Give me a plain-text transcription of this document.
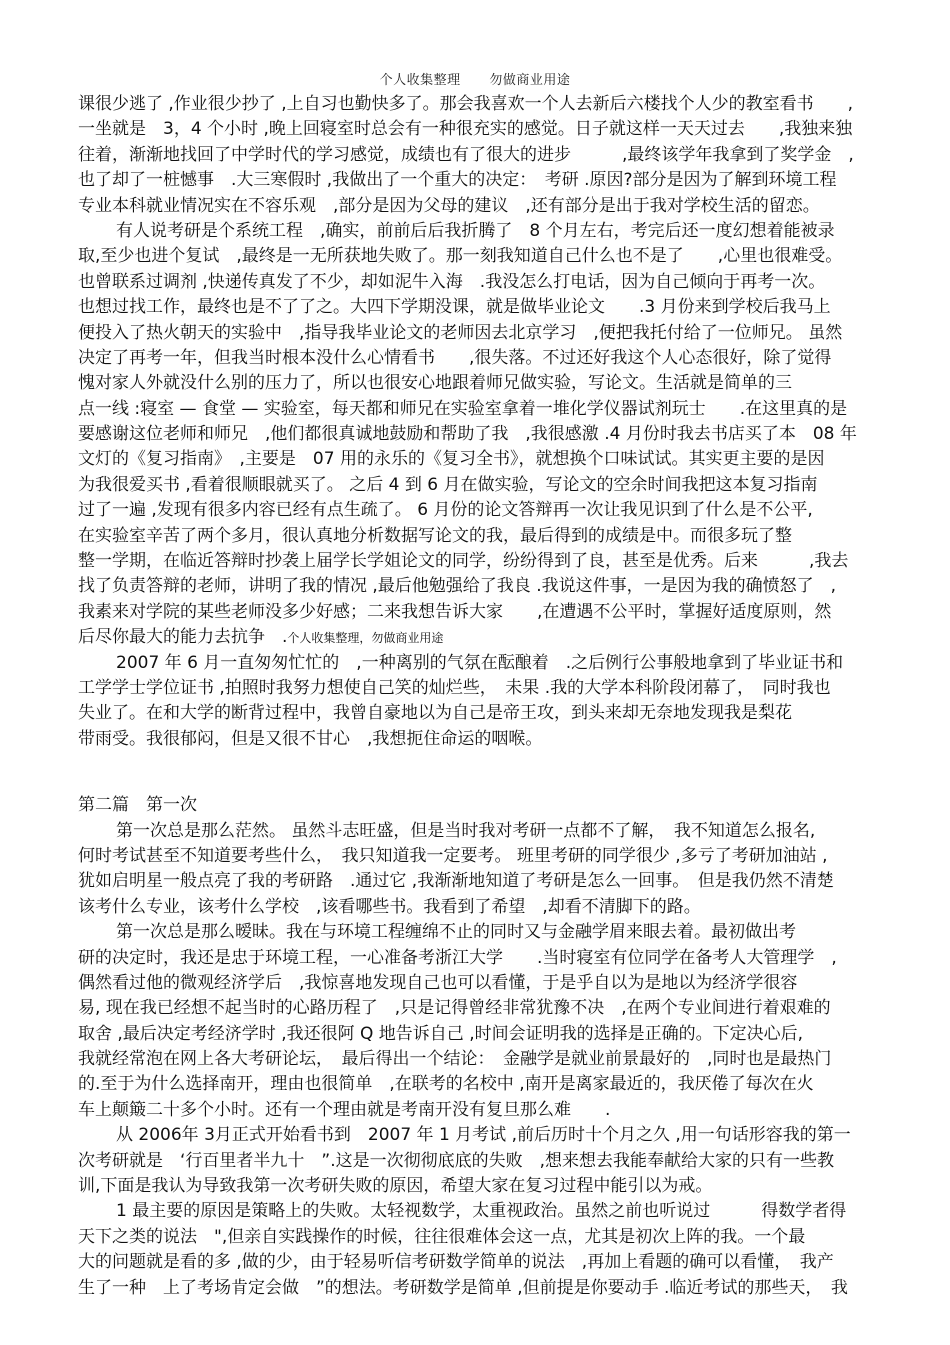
个人收集整理 勿做商业用途
课很少逃了 ,作业很少抄了 ,上自习也勤快多了。那会我喜欢一个人去新后六楼找个人少的教室看书　　,
一坐就是　3，4 个小时 ,晚上回寝室时总会有一种很充实的感觉。日子就这样一天天过去　　,我独来独
往着，渐渐地找回了中学时代的学习感觉，成绩也有了很大的进步　　　,最终该学年我拿到了奖学金　,
也了却了一桩憾事　.大三寒假时 ,我做出了一个重大的决定：　考研 .原因?部分是因为了解到环境工程
专业本科就业情况实在不容乐观　,部分是因为父母的建议　,还有部分是出于我对学校生活的留恋。
有人说考研是个系统工程　,确实，前前后后我折腾了　8 个月左右，考完后还一度幻想着能被录
取,至少也进个复试　,最终是一无所获地失败了。那一刻我知道自己什么也不是了　　,心里也很难受。
也曾联系过调剂 ,快递传真发了不少，却如泥牛入海　.我没怎么打电话，因为自己倾向于再考一次。
也想过找工作，最终也是不了了之。大四下学期没课，就是做毕业论文　　.3 月份来到学校后我马上
便投入了热火朝天的实验中　,指导我毕业论文的老师因去北京学习　,便把我托付给了一位师兄。 虽然
决定了再考一年，但我当时根本没什么心情看书　　,很失落。不过还好我这个人心态很好，除了觉得
愧对家人外就没什么别的压力了，所以也很安心地跟着师兄做实验，写论文。生活就是简单的三
点一线 :寝室 — 食堂 — 实验室，每天都和师兄在实验室拿着一堆化学仪器试剂玩士　　.在这里真的是
要感谢这位老师和师兄　,他们都很真诚地鼓励和帮助了我　,我很感激 .4 月份时我去书店买了本　08 年
文灯的《复习指南》　,主要是　07 用的永乐的《复习全书》，就想换个口味试试。其实更主要的是因
为我很爱买书 ,看着很顺眼就买了。 之后 4 到 6 月在做实验，写论文的空余时间我把这本复习指南
过了一遍 ,发现有很多内容已经有点生疏了。 6 月份的论文答辩再一次让我见识到了什么是不公平,
在实验室辛苦了两个多月，很认真地分析数据写论文的我，最后得到的成绩是中。而很多玩了整
整一学期，在临近答辩时抄袭上届学长学姐论文的同学，纷纷得到了良，甚至是优秀。后来　　　,我去
找了负责答辩的老师，讲明了我的情况 ,最后他勉强给了我良 .我说这件事，一是因为我的确愤怒了　,
我素来对学院的某些老师没多少好感；二来我想告诉大家　　,在遭遇不公平时，掌握好适度原则，然
后尽你最大的能力去抗争　.个人收集整理，勿做商业用途
2007 年 6 月一直匆匆忙忙的　,一种离别的气氛在酝酿着　.之后例行公事般地拿到了毕业证书和
工学学士学位证书 ,拍照时我努力想使自己笑的灿烂些，　未果 .我的大学本科阶段闭幕了，　同时我也
失业了。在和大学的断背过程中，我曾自豪地以为自己是帝王攻，到头来却无奈地发现我是梨花
带雨受。我很郁闷，但是又很不甘心　,我想扼住命运的咽喉。
第二篇　第一次
第一次总是那么茫然。 虽然斗志旺盛，但是当时我对考研一点都不了解，　我不知道怎么报名,
何时考试甚至不知道要考些什么，　我只知道我一定要考。 班里考研的同学很少 ,多亏了考研加油站 ,
犹如启明星一般点亮了我的考研路　.通过它 ,我渐渐地知道了考研是怎么一回事。　但是我仍然不清楚
该考什么专业，该考什么学校　,该看哪些书。我看到了希望　,却看不清脚下的路。
第一次总是那么暧昧。我在与环境工程缠绵不止的同时又与金融学眉来眼去着。最初做出考
研的决定时，我还是忠于环境工程，一心准备考浙江大学　　.当时寝室有位同学在备考人大管理学　,
偶然看过他的微观经济学后　,我惊喜地发现自己也可以看懂，于是乎自以为是地以为经济学很容
易, 现在我已经想不起当时的心路历程了　,只是记得曾经非常犹豫不决　,在两个专业间进行着艰难的
取舍 ,最后决定考经济学时 ,我还很阿 Q 地告诉自己 ,时间会证明我的选择是正确的。下定决心后,
我就经常泡在网上各大考研论坛，　最后得出一个结论：　金融学是就业前景最好的　,同时也是最热门
的.至于为什么选择南开，理由也很简单　,在联考的名校中 ,南开是离家最近的，我厌倦了每次在火
车上颠簸二十多个小时。还有一个理由就是考南开没有复旦那么难　　.
从 2006年 3月正式开始看书到　2007 年 1 月考试 ,前后历时十个月之久 ,用一句话形容我的第一
次考研就是　‘行百里者半九十　”.这是一次彻彻底底的失败　,想来想去我能奉献给大家的只有一些教
训,下面是我认为导致我第一次考研失败的原因，希望大家在复习过程中能引以为戒。
1 最主要的原因是策略上的失败。太轻视数学，太重视政治。虽然之前也听说过　　　得数学者得
天下之类的说法　",但亲自实践操作的时候，往往很难体会这一点，尤其是初次上阵的我。一个最
大的问题就是看的多 ,做的少，由于轻易听信考研数学简单的说法　,再加上看题的确可以看懂，　我产
生了一种　上了考场肯定会做　”的想法。考研数学是简单 ,但前提是你要动手 .临近考试的那些天，　我
